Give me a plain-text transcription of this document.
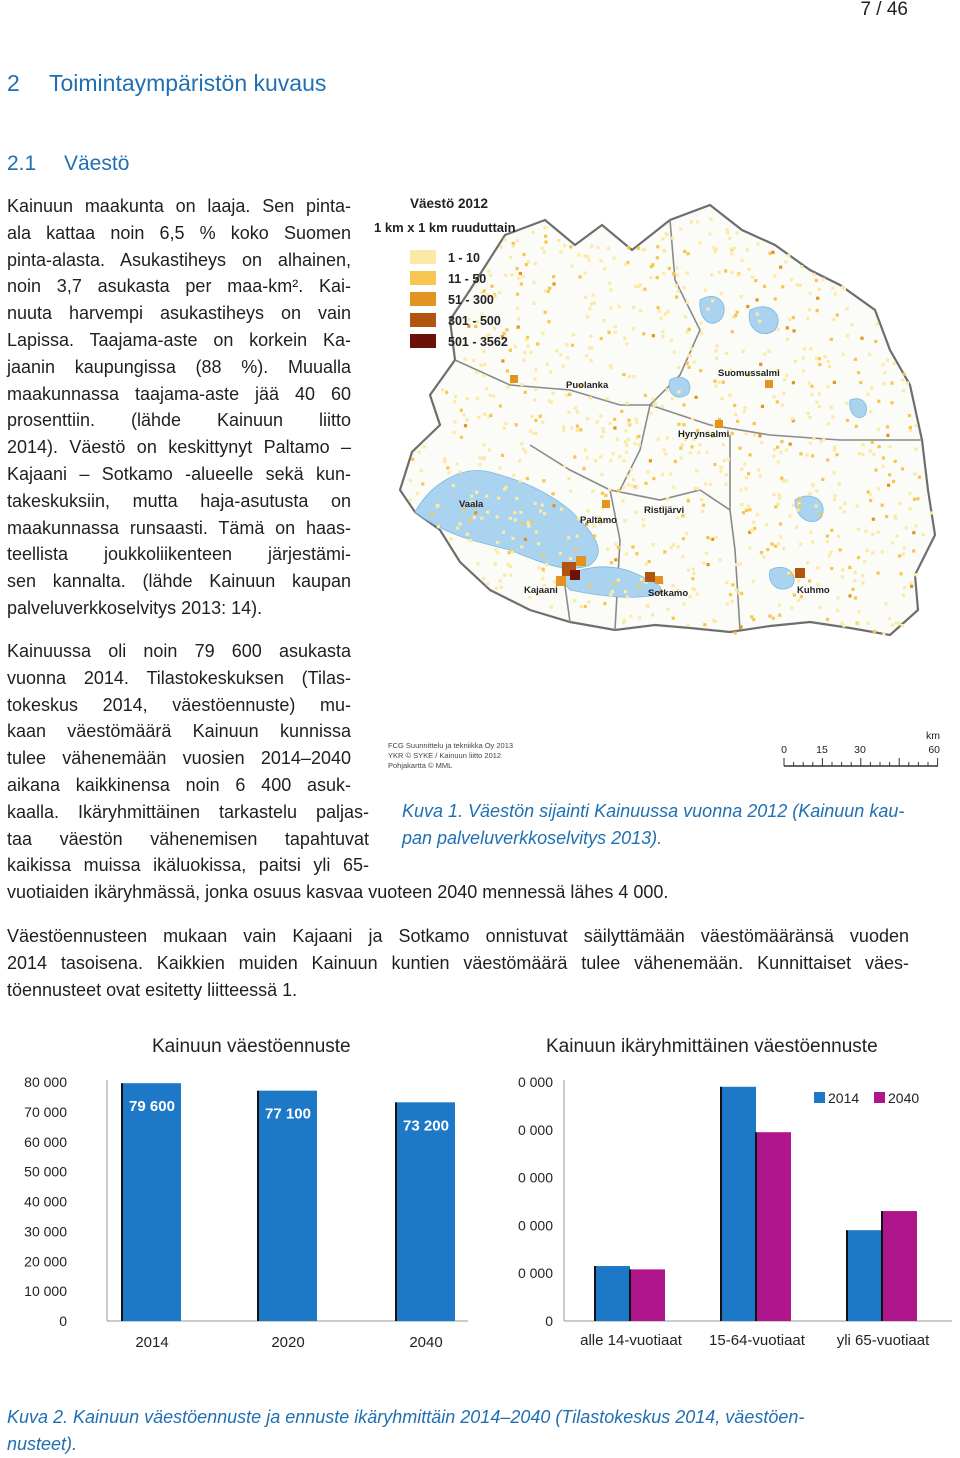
7 / 46
2 Toimintaympäristön kuvaus
2.1 Väestö
Kainuun maakunta on laaja. Sen pinta-
ala kattaa noin 6,5 % koko Suomen
pinta-alasta. Asukastiheys on alhainen,
noin 3,7 asukasta per maa-km². Kai-
nuuta harvempi asukastiheys on vain
Lapissa. Taajama-aste on korkein Ka-
jaanin kaupungissa (88 %). Muualla
maakunnassa taajama-aste jää 40 60
prosenttiin. (lähde Kainuun liitto
2014). Väestö on keskittynyt Paltamo –
Kajaani – Sotkamo -alueelle sekä kun-
takeskuksiin, mutta haja-asutusta on
maakunnassa runsaasti. Tämä on haas-
teellista joukkoliikenteen järjestämi-
sen kannalta. (lähde Kainuun kaupan
palveluverkkoselvitys 2013: 14).
Kainuussa oli noin 79 600 asukasta
vuonna 2014. Tilastokeskuksen (Tilas-
tokeskus 2014, väestöennuste) mu-
kaan väestömäärä Kainuun kunnissa
tulee vähenemään vuosien 2014–2040
aikana kaikkinensa noin 6 400 asuk-
kaalla. Ikäryhmittäinen tarkastelu paljas-
taa väestön vähenemisen tapahtuvat
kaikissa muissa ikäluokissa, paitsi yli 65-
vuotiaiden ikäryhmässä, jonka osuus kasvaa vuoteen 2040 mennessä lähes 4 000.
Väestöennusteen mukaan vain Kajaani ja Sotkamo onnistuvat säilyttämään väestömääränsä vuoden
2014 tasoisena. Kaikkien muiden Kainuun kuntien väestömäärä tulee vähenemään. Kunnittaiset väes-
töennusteet ovat esitetty liitteessä 1.
Väestö 2012
1 km x 1 km ruuduttain
1 - 10
11 - 50
51 - 300
301 - 500
501 - 3562
Suomussalmi
Puolanka
Hyrynsalmi
Vaala
Ristijärvi
Paltamo
Kajaani	Sotkamo	Kuhmo
FCG Suunnittelu ja tekniikka Oy 2013
YKR © SYKE / Kainuun liitto 2012
Pohjakartta © MML
km
0	15	30	60
Kuva 1. Väestön sijainti Kainuussa vuonna 2012 (Kainuun kau-
pan palveluverkkoselvitys 2013).
Kainuun väestöennuste
0
10 000
20 000
30 000
40 000
50 000
60 000
70 000
80 000
79 600
2014
77 100
2020
73 200
2040
Kainuun ikäryhmittäinen väestöennuste
0
0 000
0 000
0 000
0 000
0 000
alle 14-vuotiaat 15-64-vuotiaat yli 65-vuotiaat
2014 2040
Kuva 2. Kainuun väestöennuste ja ennuste ikäryhmittäin 2014–2040 (Tilastokeskus 2014, väestöen-
nusteet).
